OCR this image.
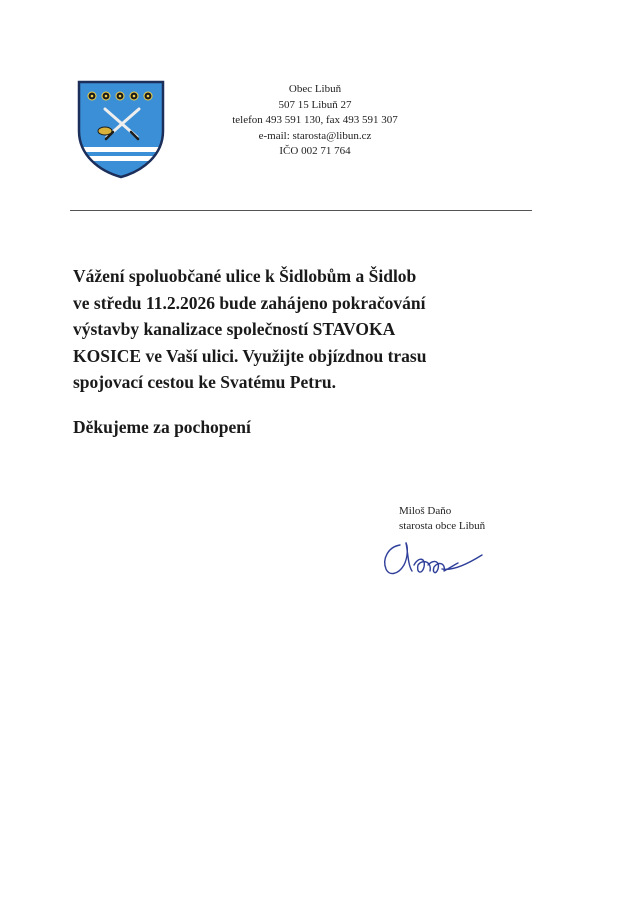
Obec Libuň
507 15 Libuň 27
telefon 493 591 130, fax 493 591 307
e-mail: starosta@libun.cz
IČO 002 71 764
Vážení spoluobčané ulice k Šidlobům a Šidlob
ve středu 11.2.2026 bude zahájeno pokračování
výstavby kanalizace společností STAVOKA
KOSICE ve Vaší ulici. Využijte objízdnou trasu
spojovací cestou ke Svatému Petru.
Děkujeme za pochopení
Miloš Daňo
starosta obce Libuň
